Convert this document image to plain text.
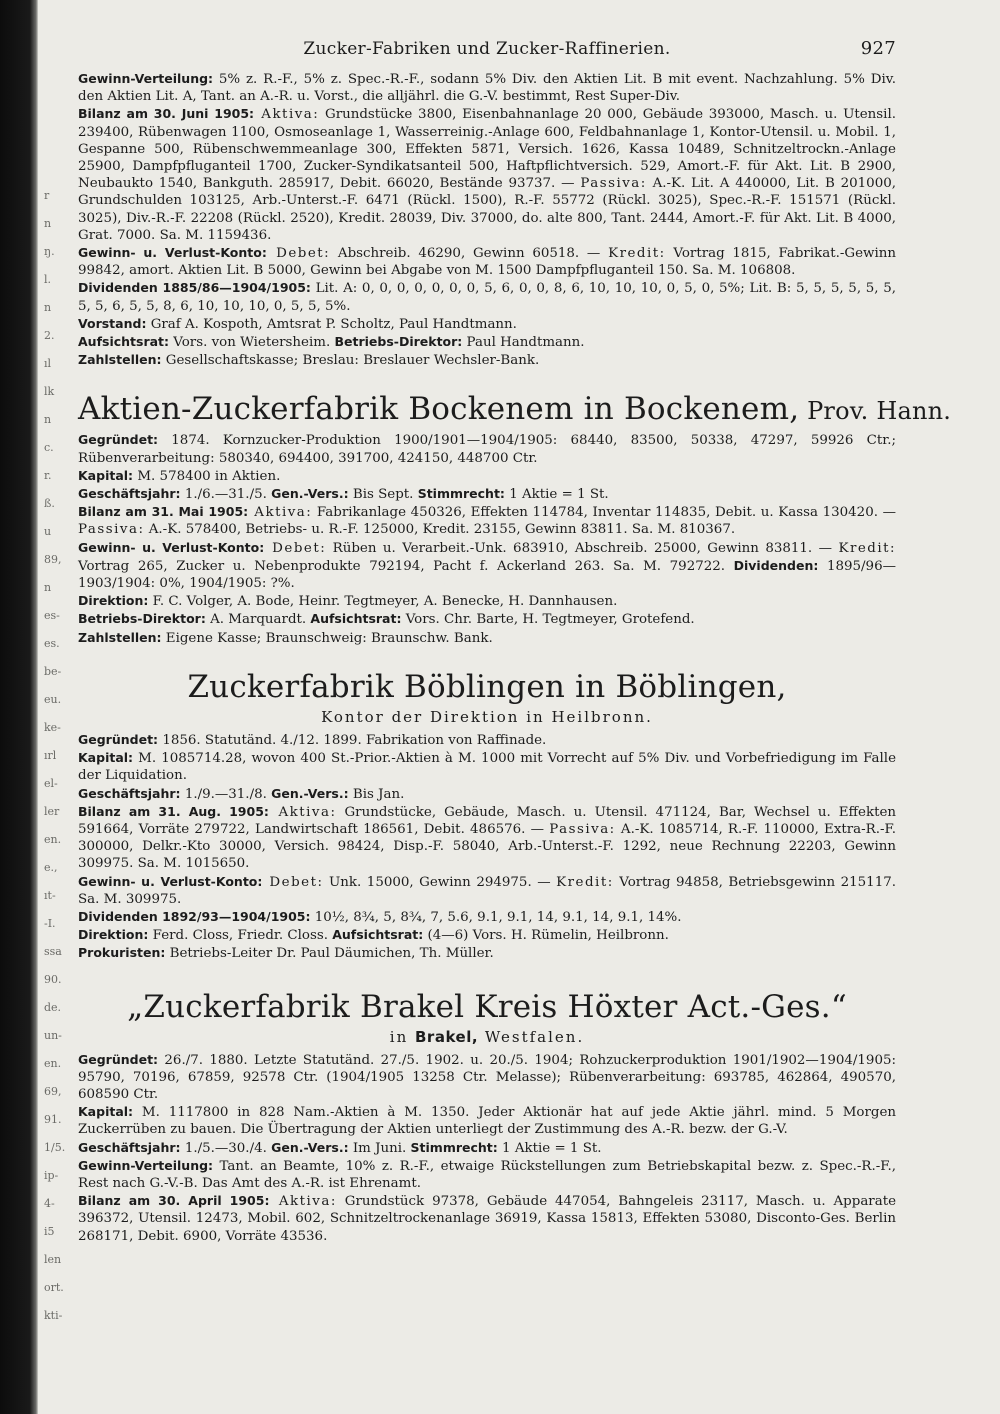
r
n
ŋ.
l.
n
2.
ıl
lk
n
c.
r.
ß.
u
89,
n
es-
es.
be-
eu.
ke-
ırl
el-
ler
en.
e.,
ıt-
-I.
ssa
90.
de.
un-
en.
69,
91.
1/5.
ip-
4-
i5
len
ort.
kti-
Zucker-Fabriken und Zucker-Raffinerien.	927

Gewinn-Verteilung: 5% z. R.-F., 5% z. Spec.-R.-F., sodann 5% Div. den Aktien Lit. B mit event. Nachzahlung. 5% Div. den Aktien Lit. A, Tant. an A.-R. u. Vorst., die alljährl. die G.-V. bestimmt, Rest Super-Div.

Bilanz am 30. Juni 1905: Aktiva: Grundstücke 3800, Eisenbahnanlage 20 000, Gebäude 393000, Masch. u. Utensil. 239400, Rübenwagen 1100, Osmoseanlage 1, Wasserreinig.-Anlage 600, Feldbahnanlage 1, Kontor-Utensil. u. Mobil. 1, Gespanne 500, Rübenschwemmeanlage 300, Effekten 5871, Versich. 1626, Kassa 10489, Schnitzeltrockn.-Anlage 25900, Dampfpfluganteil 1700, Zucker-Syndikatsanteil 500, Haftpflichtversich. 529, Amort.-F. für Akt. Lit. B 2900, Neubaukto 1540, Bankguth. 285917, Debit. 66020, Bestände 93737. — Passiva: A.-K. Lit. A 440000, Lit. B 201000, Grundschulden 103125, Arb.-Unterst.-F. 6471 (Rückl. 1500), R.-F. 55772 (Rückl. 3025), Spec.-R.-F. 151571 (Rückl. 3025), Div.-R.-F. 22208 (Rückl. 2520), Kredit. 28039, Div. 37000, do. alte 800, Tant. 2444, Amort.-F. für Akt. Lit. B 4000, Grat. 7000. Sa. M. 1159436.

Gewinn- u. Verlust-Konto: Debet: Abschreib. 46290, Gewinn 60518. — Kredit: Vortrag 1815, Fabrikat.-Gewinn 99842, amort. Aktien Lit. B 5000, Gewinn bei Abgabe von M. 1500 Dampfpfluganteil 150. Sa. M. 106808.

Dividenden 1885/86—1904/1905: Lit. A: 0, 0, 0, 0, 0, 0, 0, 5, 6, 0, 0, 8, 6, 10, 10, 10, 0, 5, 0, 5%; Lit. B: 5, 5, 5, 5, 5, 5, 5, 5, 6, 5, 5, 8, 6, 10, 10, 10, 0, 5, 5, 5%.

Vorstand: Graf A. Kospoth, Amtsrat P. Scholtz, Paul Handtmann.

Aufsichtsrat: Vors. von Wietersheim. Betriebs-Direktor: Paul Handtmann.

Zahlstellen: Gesellschaftskasse; Breslau: Breslauer Wechsler-Bank.

Aktien-Zuckerfabrik Bockenem in Bockenem, Prov. Hann.

Gegründet: 1874. Kornzucker-Produktion 1900/1901—1904/1905: 68440, 83500, 50338, 47297, 59926 Ctr.; Rübenverarbeitung: 580340, 694400, 391700, 424150, 448700 Ctr.

Kapital: M. 578400 in Aktien.

Geschäftsjahr: 1./6.—31./5. Gen.-Vers.: Bis Sept. Stimmrecht: 1 Aktie = 1 St.

Bilanz am 31. Mai 1905: Aktiva: Fabrikanlage 450326, Effekten 114784, Inventar 114835, Debit. u. Kassa 130420. — Passiva: A.-K. 578400, Betriebs- u. R.-F. 125000, Kredit. 23155, Gewinn 83811. Sa. M. 810367.

Gewinn- u. Verlust-Konto: Debet: Rüben u. Verarbeit.-Unk. 683910, Abschreib. 25000, Gewinn 83811. — Kredit: Vortrag 265, Zucker u. Nebenprodukte 792194, Pacht f. Ackerland 263. Sa. M. 792722. Dividenden: 1895/96—1903/1904: 0%, 1904/1905: ?%.

Direktion: F. C. Volger, A. Bode, Heinr. Tegtmeyer, A. Benecke, H. Dannhausen.

Betriebs-Direktor: A. Marquardt. Aufsichtsrat: Vors. Chr. Barte, H. Tegtmeyer, Grotefend.

Zahlstellen: Eigene Kasse; Braunschweig: Braunschw. Bank.

Zuckerfabrik Böblingen in Böblingen,
Kontor der Direktion in Heilbronn.

Gegründet: 1856. Statutänd. 4./12. 1899. Fabrikation von Raffinade.

Kapital: M. 1085714.28, wovon 400 St.-Prior.-Aktien à M. 1000 mit Vorrecht auf 5% Div. und Vorbefriedigung im Falle der Liquidation.

Geschäftsjahr: 1./9.—31./8. Gen.-Vers.: Bis Jan.

Bilanz am 31. Aug. 1905: Aktiva: Grundstücke, Gebäude, Masch. u. Utensil. 471124, Bar, Wechsel u. Effekten 591664, Vorräte 279722, Landwirtschaft 186561, Debit. 486576. — Passiva: A.-K. 1085714, R.-F. 110000, Extra-R.-F. 300000, Delkr.-Kto 30000, Versich. 98424, Disp.-F. 58040, Arb.-Unterst.-F. 1292, neue Rechnung 22203, Gewinn 309975. Sa. M. 1015650.

Gewinn- u. Verlust-Konto: Debet: Unk. 15000, Gewinn 294975. — Kredit: Vortrag 94858, Betriebsgewinn 215117. Sa. M. 309975.

Dividenden 1892/93—1904/1905: 10½, 8¾, 5, 8¾, 7, 5.6, 9.1, 9.1, 14, 9.1, 14, 9.1, 14%.

Direktion: Ferd. Closs, Friedr. Closs. Aufsichtsrat: (4—6) Vors. H. Rümelin, Heilbronn.

Prokuristen: Betriebs-Leiter Dr. Paul Däumichen, Th. Müller.

„Zuckerfabrik Brakel Kreis Höxter Act.-Ges.“
in Brakel, Westfalen.

Gegründet: 26./7. 1880. Letzte Statutänd. 27./5. 1902. u. 20./5. 1904; Rohzuckerproduktion 1901/1902—1904/1905: 95790, 70196, 67859, 92578 Ctr. (1904/1905 13258 Ctr. Melasse); Rübenverarbeitung: 693785, 462864, 490570, 608590 Ctr.

Kapital: M. 1117800 in 828 Nam.-Aktien à M. 1350. Jeder Aktionär hat auf jede Aktie jährl. mind. 5 Morgen Zuckerrüben zu bauen. Die Übertragung der Aktien unterliegt der Zustimmung des A.-R. bezw. der G.-V.

Geschäftsjahr: 1./5.—30./4. Gen.-Vers.: Im Juni. Stimmrecht: 1 Aktie = 1 St.

Gewinn-Verteilung: Tant. an Beamte, 10% z. R.-F., etwaige Rückstellungen zum Betriebskapital bezw. z. Spec.-R.-F., Rest nach G.-V.-B. Das Amt des A.-R. ist Ehrenamt.

Bilanz am 30. April 1905: Aktiva: Grundstück 97378, Gebäude 447054, Bahngeleis 23117, Masch. u. Apparate 396372, Utensil. 12473, Mobil. 602, Schnitzeltrockenanlage 36919, Kassa 15813, Effekten 53080, Disconto-Ges. Berlin 268171, Debit. 6900, Vorräte 43536.
